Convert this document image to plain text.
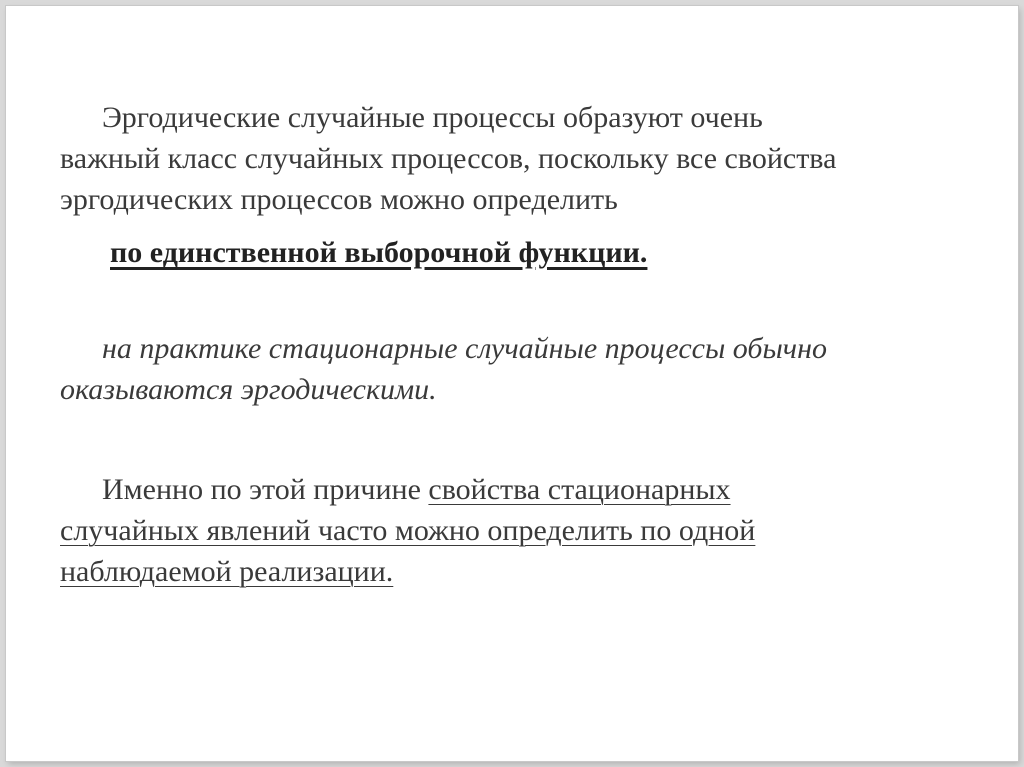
Эргодические случайные процессы образуют очень
важный класс случайных процессов, поскольку все свойства
эргодических процессов можно определить
по единственной выборочной функции.
на практике стационарные случайные процессы обычно
оказываются эргодическими.
Именно по этой причине свойства стационарных
случайных явлений часто можно определить по одной
наблюдаемой реализации.
